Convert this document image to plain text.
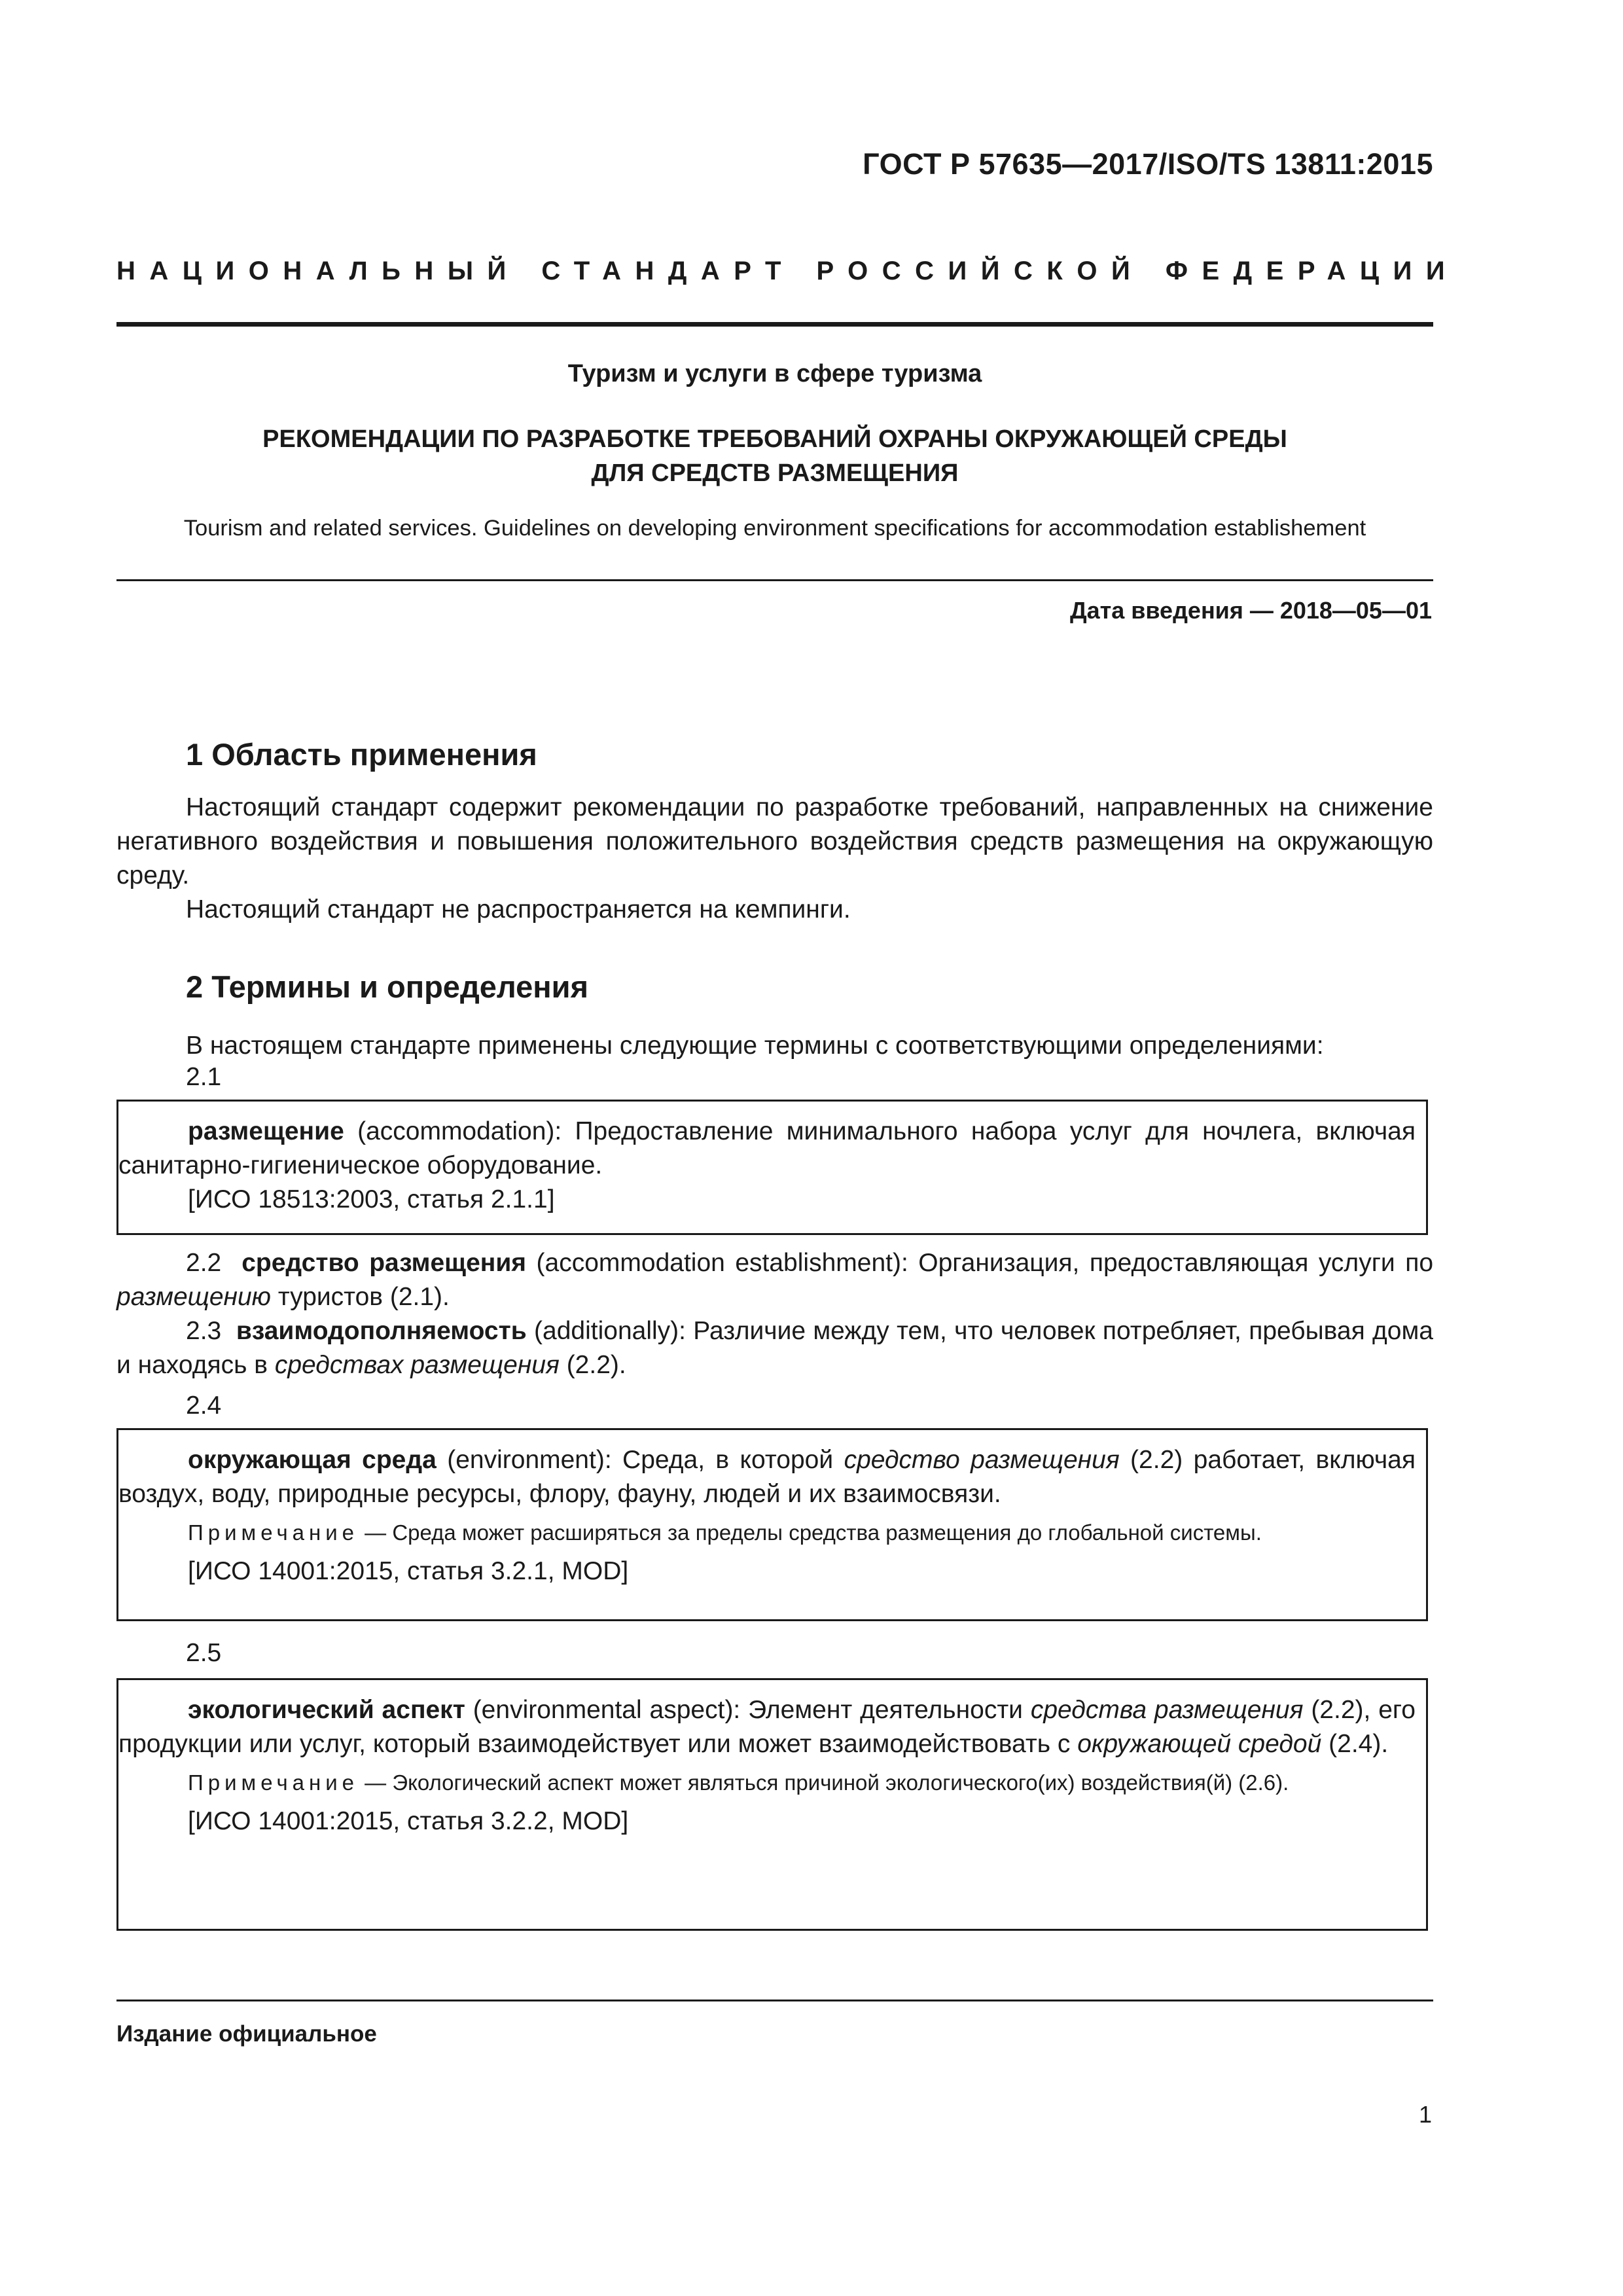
ГОСТ Р 57635—2017/ISO/TS 13811:2015
НАЦИОНАЛЬНЫЙ СТАНДАРТ РОССИЙСКОЙ ФЕДЕРАЦИИ
Туризм и услуги в сфере туризма
РЕКОМЕНДАЦИИ ПО РАЗРАБОТКЕ ТРЕБОВАНИЙ ОХРАНЫ ОКРУЖАЮЩЕЙ СРЕДЫ
ДЛЯ СРЕДСТВ РАЗМЕЩЕНИЯ
Tourism and related services. Guidelines on developing environment specifications for accommodation establishement
Дата введения — 2018—05—01
1 Область применения

Настоящий стандарт содержит рекомендации по разработке требований, направленных на снижение негативного воздействия и повышения положительного воздействия средств размещения на окружающую среду.

Настоящий стандарт не распространяется на кемпинги.

2 Термины и определения
В настоящем стандарте применены следующие термины с соответствующими определениями:
2.1

размещение (accommodation): Предоставление минимального набора услуг для ночлега, включая санитарно-гигиеническое оборудование.

[ИСО 18513:2003, статья 2.1.1]

2.2 средство размещения (accommodation establishment): Организация, предоставляющая услуги по размещению туристов (2.1).

2.3 взаимодополняемость (additionally): Различие между тем, что человек потребляет, пребывая дома и находясь в средствах размещения (2.2).

2.4

окружающая среда (environment): Среда, в которой средство размещения (2.2) работает, включая воздух, воду, природные ресурсы, флору, фауну, людей и их взаимосвязи.

Примечание — Среда может расширяться за пределы средства размещения до глобальной системы.

[ИСО 14001:2015, статья 3.2.1, MOD]

2.5

экологический аспект (environmental aspect): Элемент деятельности средства размещения (2.2), его продукции или услуг, который взаимодействует или может взаимодействовать с окружающей средой (2.4).

Примечание — Экологический аспект может являться причиной экологического(их) воздействия(й) (2.6).

[ИСО 14001:2015, статья 3.2.2, MOD]

Издание официальное
1
